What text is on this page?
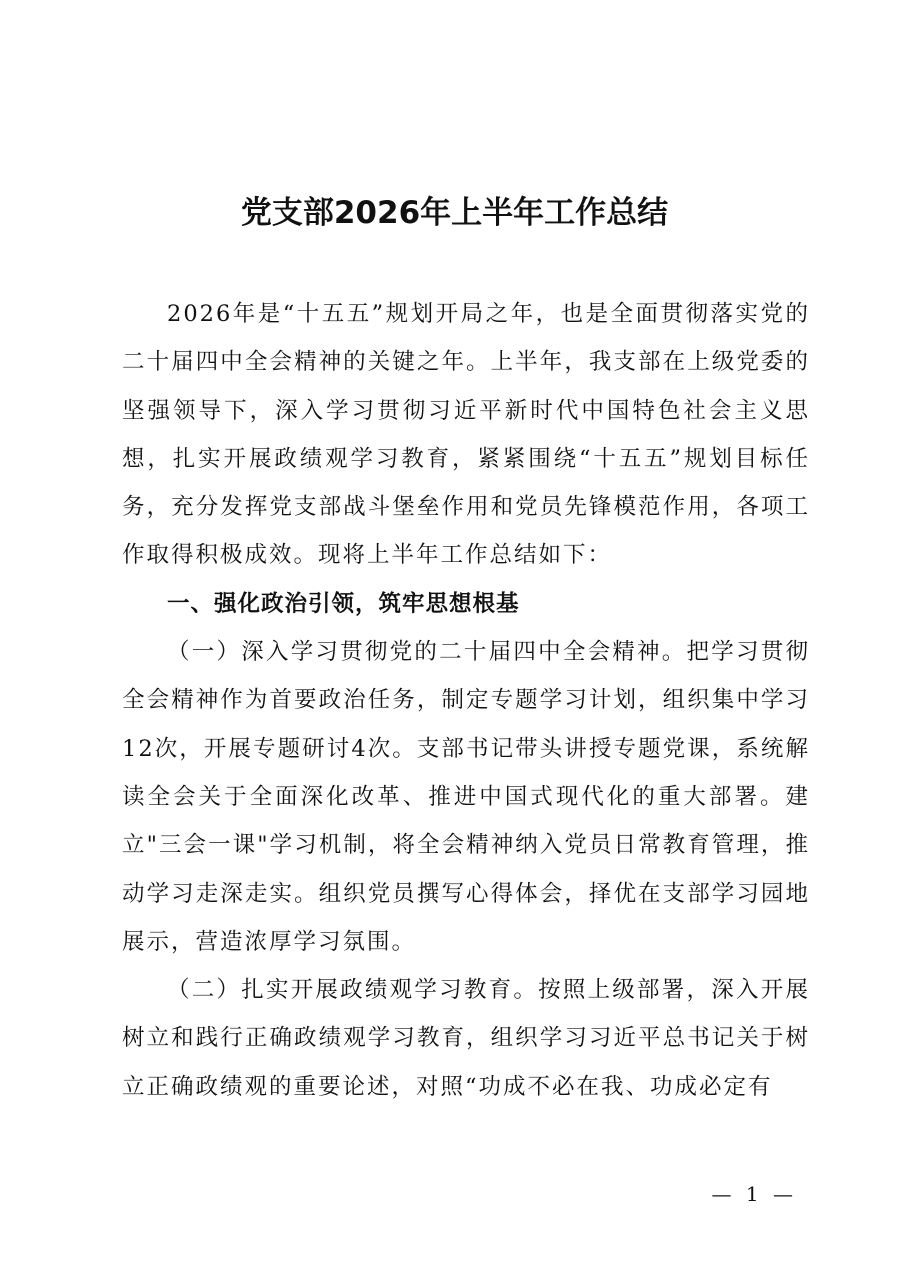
党支部2026年上半年工作总结

2026年是“十五五”规划开局之年，也是全面贯彻落实党的二十届四中全会精神的关键之年。上半年，我支部在上级党委的坚强领导下，深入学习贯彻习近平新时代中国特色社会主义思想，扎实开展政绩观学习教育，紧紧围绕“十五五”规划目标任务，充分发挥党支部战斗堡垒作用和党员先锋模范作用，各项工作取得积极成效。现将上半年工作总结如下：

一、强化政治引领，筑牢思想根基

（一）深入学习贯彻党的二十届四中全会精神。把学习贯彻全会精神作为首要政治任务，制定专题学习计划，组织集中学习12次，开展专题研讨4次。支部书记带头讲授专题党课，系统解读全会关于全面深化改革、推进中国式现代化的重大部署。建立"三会一课"学习机制，将全会精神纳入党员日常教育管理，推动学习走深走实。组织党员撰写心得体会，择优在支部学习园地展示，营造浓厚学习氛围。

（二）扎实开展政绩观学习教育。按照上级部署，深入开展树立和践行正确政绩观学习教育，组织学习习近平总书记关于树立正确政绩观的重要论述，对照“功成不必在我、功成必定有

— 1 —
